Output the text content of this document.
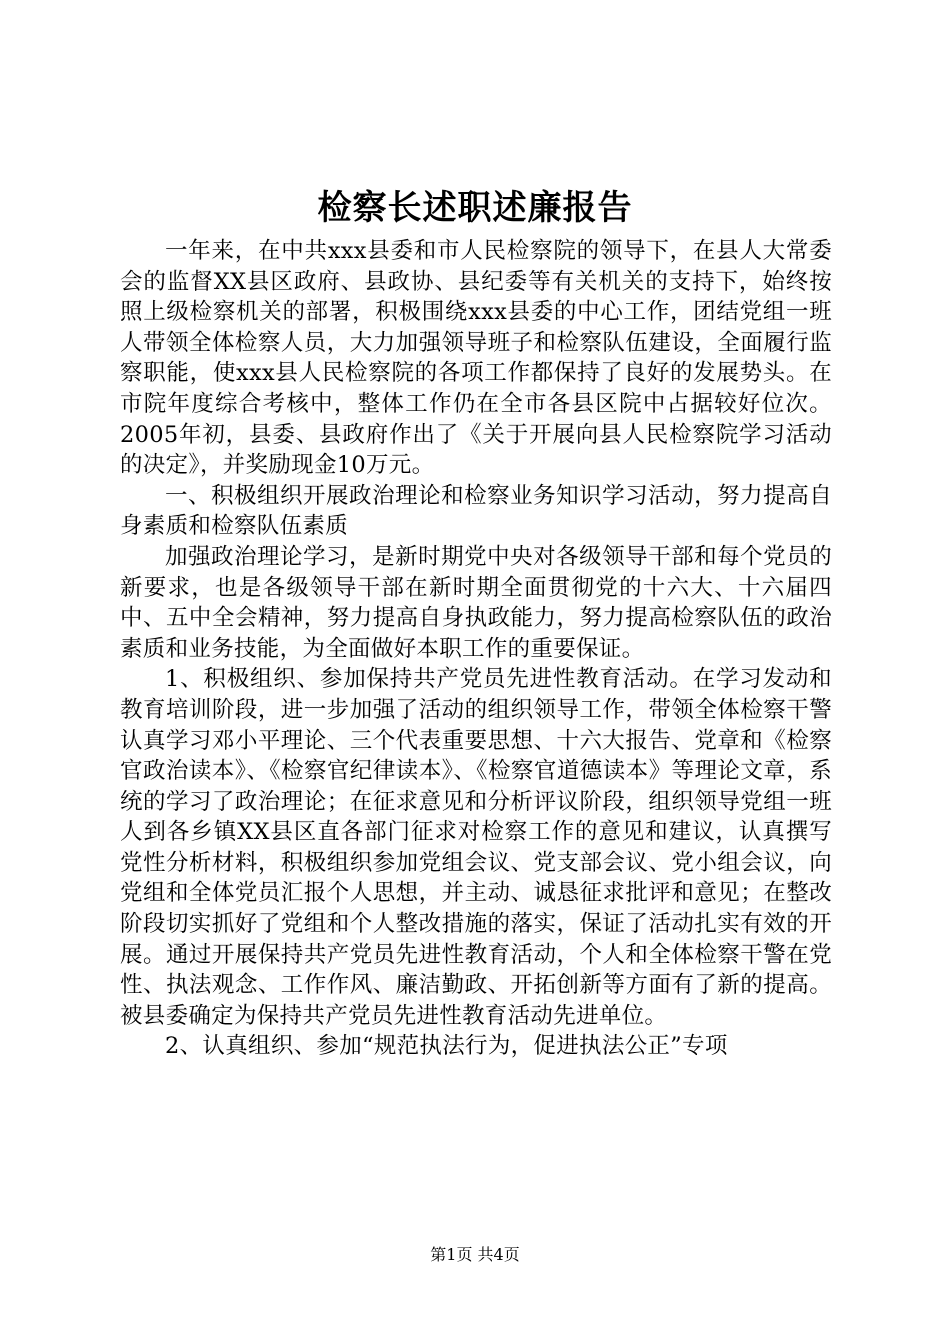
检察长述职述廉报告

一年来，在中共xxx县委和市人民检察院的领导下，在县人大常委会的监督XX县区政府、县政协、县纪委等有关机关的支持下，始终按照上级检察机关的部署，积极围绕xxx县委的中心工作，团结党组一班人带领全体检察人员，大力加强领导班子和检察队伍建设，全面履行监察职能，使xxx县人民检察院的各项工作都保持了良好的发展势头。在市院年度综合考核中，整体工作仍在全市各县区院中占据较好位次。2005年初，县委、县政府作出了《关于开展向县人民检察院学习活动的决定》，并奖励现金10万元。

一、积极组织开展政治理论和检察业务知识学习活动，努力提高自身素质和检察队伍素质

加强政治理论学习，是新时期党中央对各级领导干部和每个党员的新要求，也是各级领导干部在新时期全面贯彻党的十六大、十六届四中、五中全会精神，努力提高自身执政能力，努力提高检察队伍的政治素质和业务技能，为全面做好本职工作的重要保证。

1、积极组织、参加保持共产党员先进性教育活动。在学习发动和教育培训阶段，进一步加强了活动的组织领导工作，带领全体检察干警认真学习邓小平理论、三个代表重要思想、十六大报告、党章和《检察官政治读本》、《检察官纪律读本》、《检察官道德读本》等理论文章，系统的学习了政治理论；在征求意见和分析评议阶段，组织领导党组一班人到各乡镇XX县区直各部门征求对检察工作的意见和建议，认真撰写党性分析材料，积极组织参加党组会议、党支部会议、党小组会议，向党组和全体党员汇报个人思想，并主动、诚恳征求批评和意见；在整改阶段切实抓好了党组和个人整改措施的落实，保证了活动扎实有效的开展。通过开展保持共产党员先进性教育活动，个人和全体检察干警在党性、执法观念、工作作风、廉洁勤政、开拓创新等方面有了新的提高。被县委确定为保持共产党员先进性教育活动先进单位。

2、认真组织、参加“规范执法行为，促进执法公正”专项

第1页 共4页
